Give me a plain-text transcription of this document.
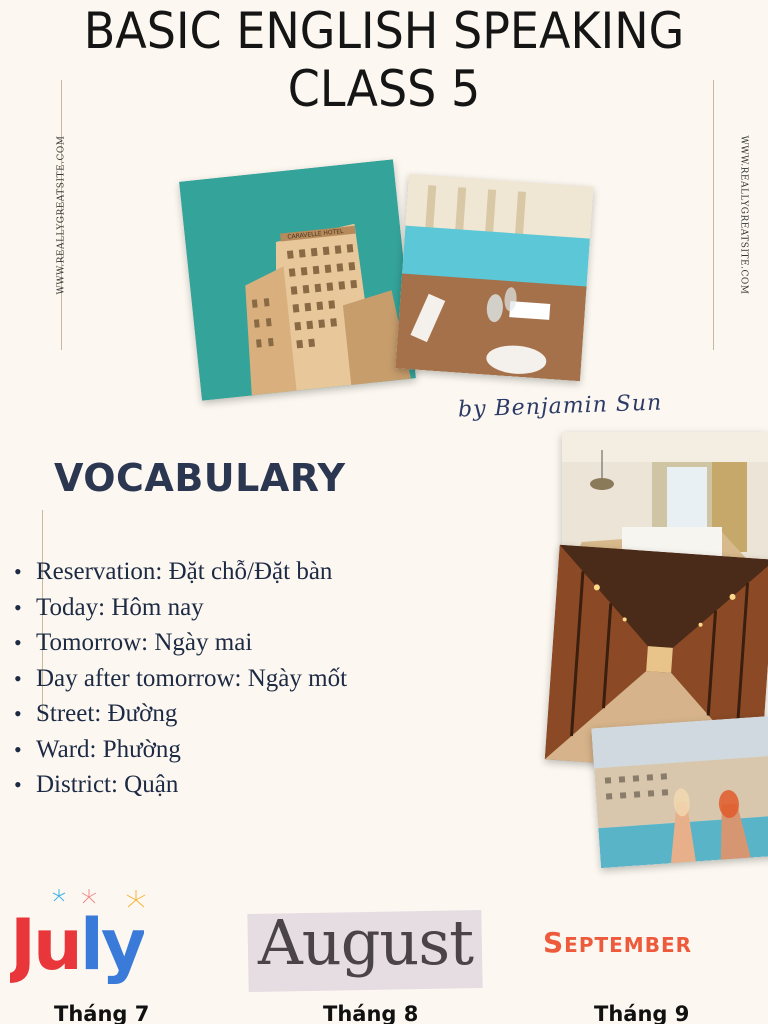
BASIC ENGLISH SPEAKING
CLASS 5
WWW.REALLYGREATSITE.COM	WWW.REALLYGREATSITE.COM
CARAVELLE HOTEL
by Benjamin Sun
VOCABULARY
• Reservation: Đặt chỗ/Đặt bàn
• Today: Hôm nay
• Tomorrow: Ngày mai
• Day after tomorrow: Ngày mốt
• Street: Đường
• Ward: Phường
• District: Quận
July
Tháng 7
August
Tháng 8
September
Tháng 9
